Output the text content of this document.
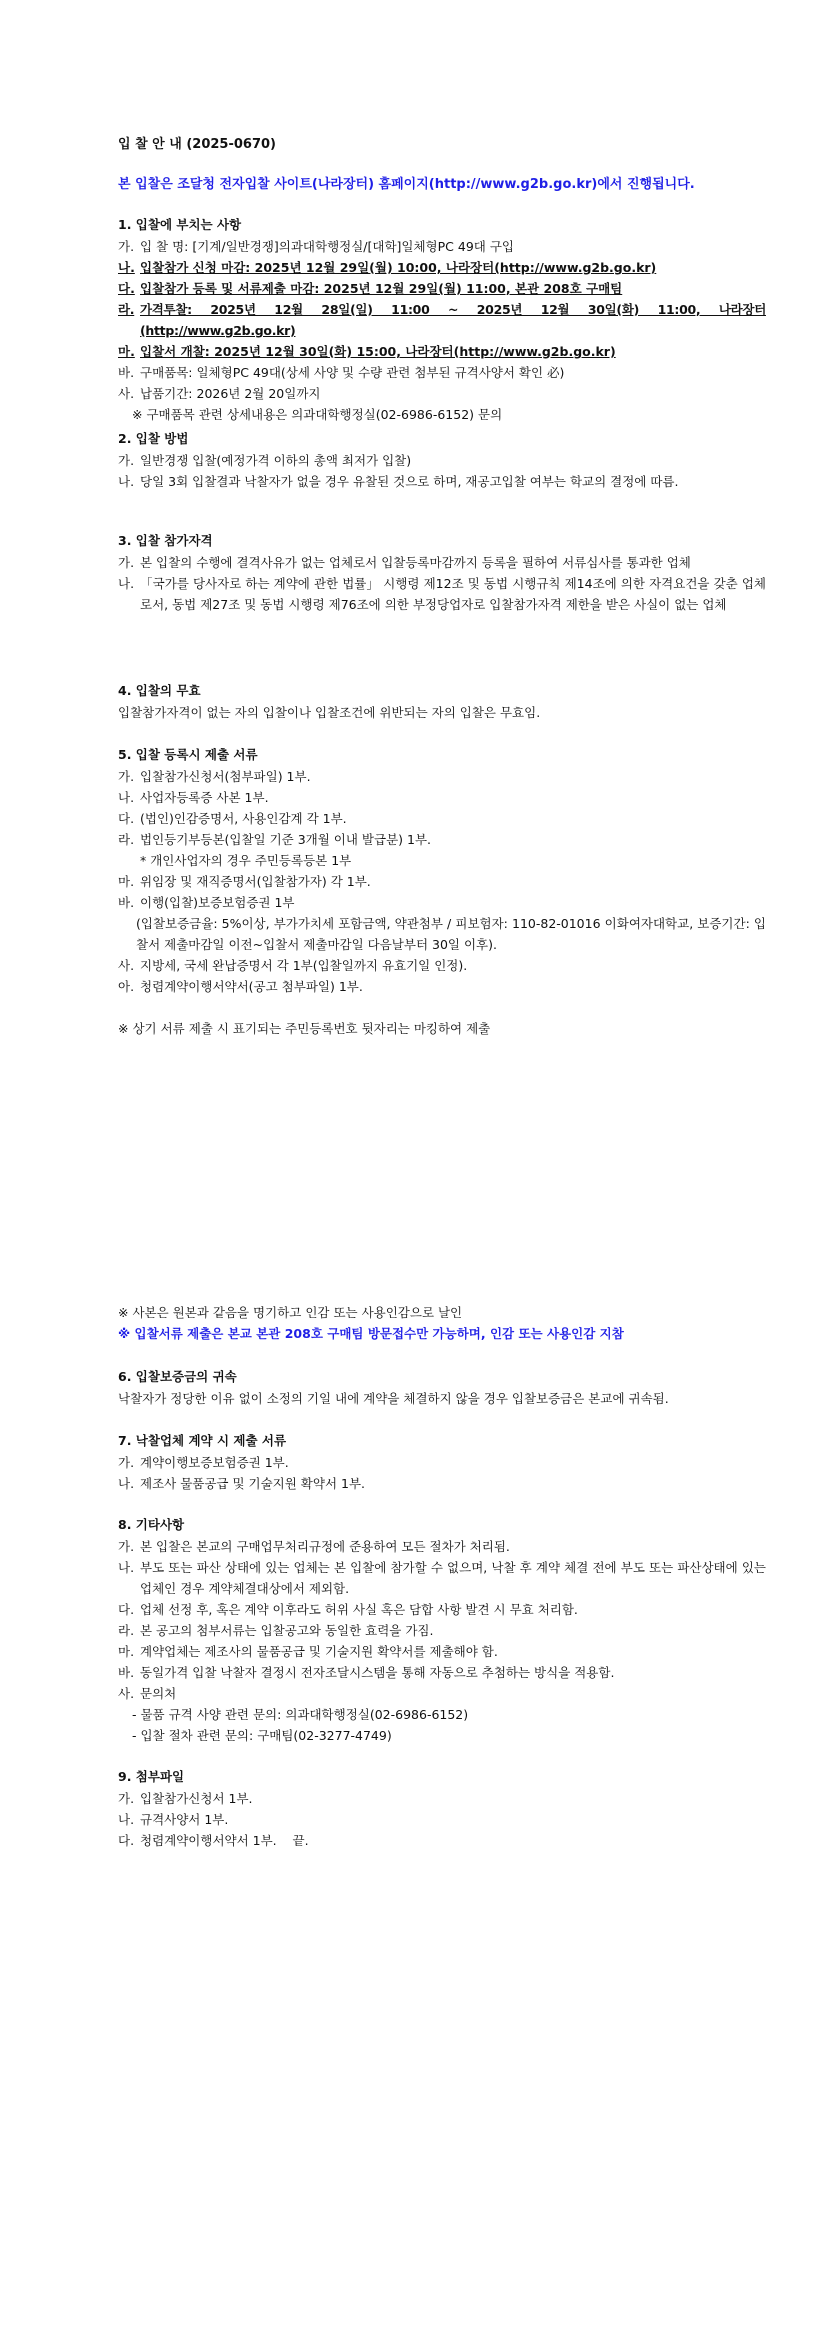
입 찰 안 내 (2025-0670)
본 입찰은 조달청 전자입찰 사이트(나라장터) 홈페이지(http://www.g2b.go.kr)에서 진행됩니다.
1. 입찰에 부치는 사항
가. 입 찰 명: [기계/일반경쟁]의과대학행정실/[대학]일체형PC 49대 구입
나. 입찰참가 신청 마감: 2025년 12월 29일(월) 10:00, 나라장터(http://www.g2b.go.kr)
다. 입찰참가 등록 및 서류제출 마감: 2025년 12월 29일(월) 11:00, 본관 208호 구매팀
라. 가격투찰: 2025년 12월 28일(일) 11:00 ~ 2025년 12월 30일(화) 11:00, 나라장터(http://www.g2b.go.kr)
마. 입찰서 개찰: 2025년 12월 30일(화) 15:00, 나라장터(http://www.g2b.go.kr)
바. 구매품목: 일체형PC 49대(상세 사양 및 수량 관련 첨부된 규격사양서 확인 必)
사. 납품기간: 2026년 2월 20일까지
※ 구매품목 관련 상세내용은 의과대학행정실(02-6986-6152) 문의
2. 입찰 방법
가. 일반경쟁 입찰(예정가격 이하의 총액 최저가 입찰)
나. 당일 3회 입찰결과 낙찰자가 없을 경우 유찰된 것으로 하며, 재공고입찰 여부는 학교의 결정에 따름.
3. 입찰 참가자격
가. 본 입찰의 수행에 결격사유가 없는 업체로서 입찰등록마감까지 등록을 필하여 서류심사를 통과한 업체
나. 「국가를 당사자로 하는 계약에 관한 법률」 시행령 제12조 및 동법 시행규칙 제14조에 의한 자격요건을 갖춘 업체로서, 동법 제27조 및 동법 시행령 제76조에 의한 부정당업자로 입찰참가자격 제한을 받은 사실이 없는 업체
4. 입찰의 무효
입찰참가자격이 없는 자의 입찰이나 입찰조건에 위반되는 자의 입찰은 무효임.
5. 입찰 등록시 제출 서류
가. 입찰참가신청서(첨부파일) 1부.
나. 사업자등록증 사본 1부.
다. (법인)인감증명서, 사용인감계 각 1부.
라. 법인등기부등본(입찰일 기준 3개월 이내 발급분) 1부.
* 개인사업자의 경우 주민등록등본 1부
마. 위임장 및 재직증명서(입찰참가자) 각 1부.
바. 이행(입찰)보증보험증권 1부
(입찰보증금율: 5%이상, 부가가치세 포함금액, 약관첨부 / 피보험자: 110-82-01016 이화여자대학교, 보증기간: 입찰서 제출마감일 이전~입찰서 제출마감일 다음날부터 30일 이후).
사. 지방세, 국세 완납증명서 각 1부(입찰일까지 유효기일 인정).
아. 청렴계약이행서약서(공고 첨부파일) 1부.
※ 상기 서류 제출 시 표기되는 주민등록번호 뒷자리는 마킹하여 제출
※ 사본은 원본과 같음을 명기하고 인감 또는 사용인감으로 날인
※ 입찰서류 제출은 본교 본관 208호 구매팀 방문접수만 가능하며, 인감 또는 사용인감 지참
6. 입찰보증금의 귀속
낙찰자가 정당한 이유 없이 소정의 기일 내에 계약을 체결하지 않을 경우 입찰보증금은 본교에 귀속됨.
7. 낙찰업체 계약 시 제출 서류
가. 계약이행보증보험증권 1부.
나. 제조사 물품공급 및 기술지원 확약서 1부.
8. 기타사항
가. 본 입찰은 본교의 구매업무처리규정에 준용하여 모든 절차가 처리됨.
나. 부도 또는 파산 상태에 있는 업체는 본 입찰에 참가할 수 없으며, 낙찰 후 계약 체결 전에 부도 또는 파산상태에 있는 업체인 경우 계약체결대상에서 제외함.
다. 업체 선정 후, 혹은 계약 이후라도 허위 사실 혹은 담합 사항 발견 시 무효 처리함.
라. 본 공고의 첨부서류는 입찰공고와 동일한 효력을 가짐.
마. 계약업체는 제조사의 물품공급 및 기술지원 확약서를 제출해야 함.
바. 동일가격 입찰 낙찰자 결정시 전자조달시스템을 통해 자동으로 추첨하는 방식을 적용함.
사. 문의처
- 물품 규격 사양 관련 문의: 의과대학행정실(02-6986-6152)
- 입찰 절차 관련 문의: 구매팀(02-3277-4749)
9. 첨부파일
가. 입찰참가신청서 1부.
나. 규격사양서 1부.
다. 청렴계약이행서약서 1부.    끝.
